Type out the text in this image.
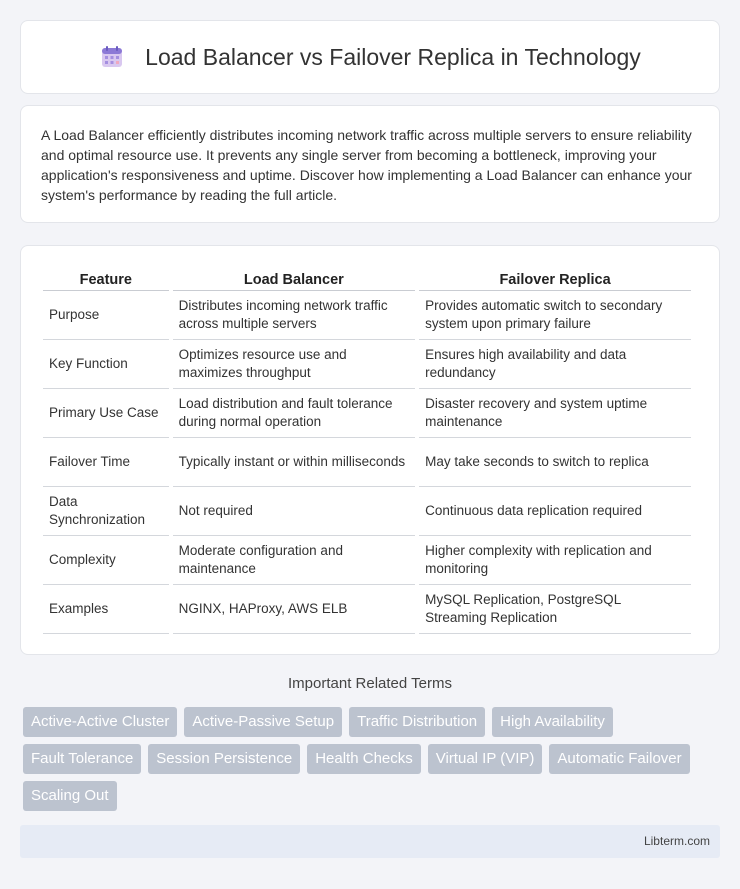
Load Balancer vs Failover Replica in Technology

A Load Balancer efficiently distributes incoming network traffic across multiple servers to ensure reliability and optimal resource use. It prevents any single server from becoming a bottleneck, improving your application's responsiveness and uptime. Discover how implementing a Load Balancer can enhance your system's performance by reading the full article.

Feature	Load Balancer	Failover Replica
Purpose	Distributes incoming network traffic across multiple servers	Provides automatic switch to secondary system upon primary failure
Key Function	Optimizes resource use and maximizes throughput	Ensures high availability and data redundancy
Primary Use Case	Load distribution and fault tolerance during normal operation	Disaster recovery and system uptime maintenance
Failover Time	Typically instant or within milliseconds	May take seconds to switch to replica
Data Synchronization	Not required	Continuous data replication required
Complexity	Moderate configuration and maintenance	Higher complexity with replication and monitoring
Examples	NGINX, HAProxy, AWS ELB	MySQL Replication, PostgreSQL Streaming Replication
Important Related Terms
Active-Active Cluster	Active-Passive Setup	Traffic Distribution	High Availability
Fault Tolerance	Session Persistence	Health Checks	Virtual IP (VIP)	Automatic Failover
Scaling Out
Libterm.com
